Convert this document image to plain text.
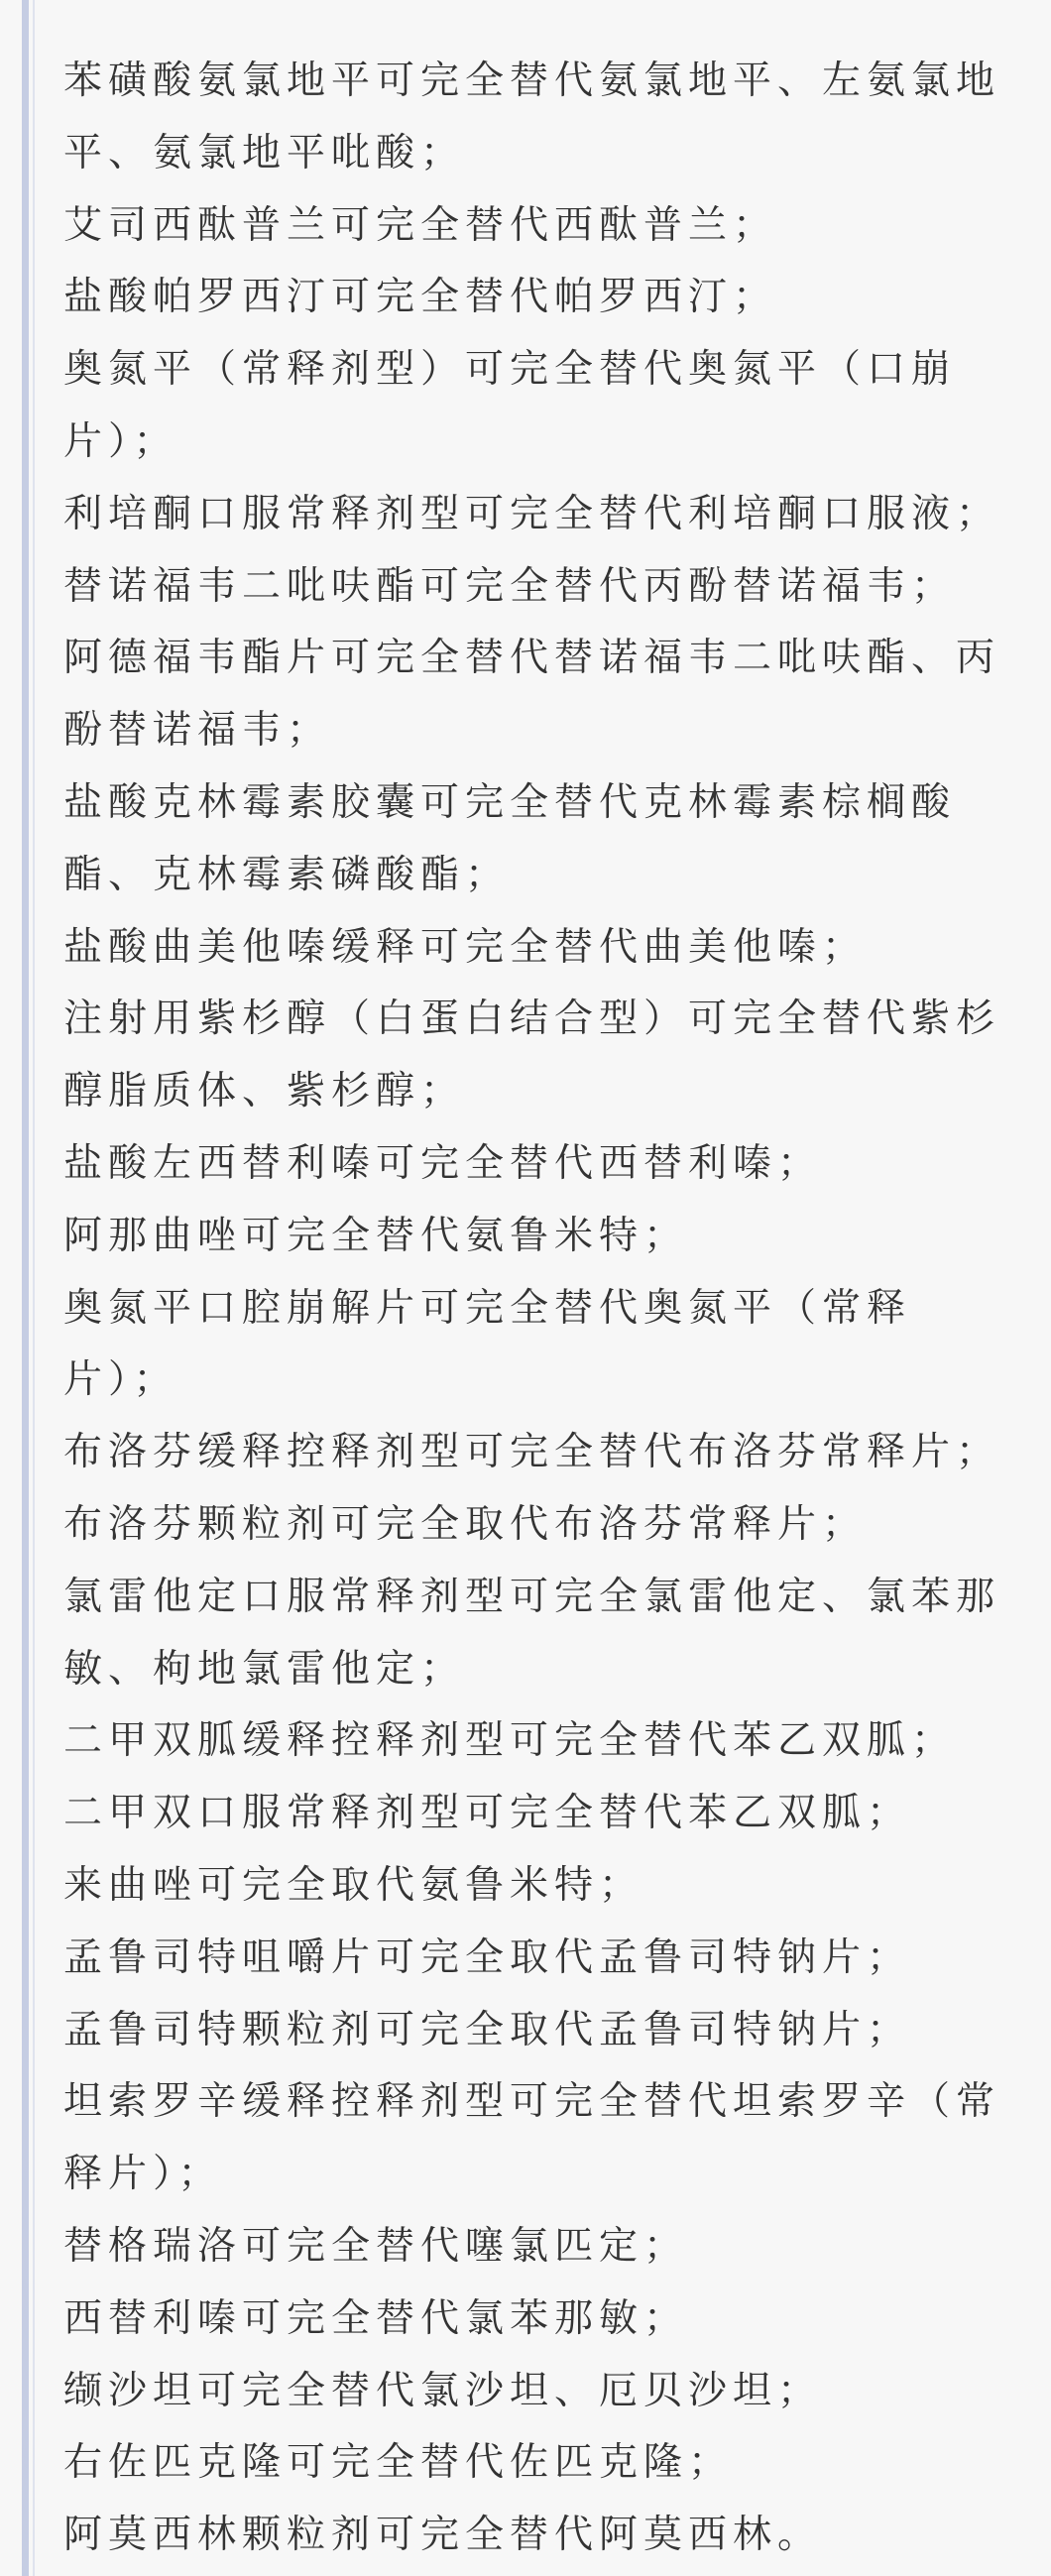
苯磺酸氨氯地平可完全替代氨氯地平、左氨氯地
平、氨氯地平吡酸；
艾司西酞普兰可完全替代西酞普兰；
盐酸帕罗西汀可完全替代帕罗西汀；
奥氮平（常释剂型）可完全替代奥氮平（口崩
片）；
利培酮口服常释剂型可完全替代利培酮口服液；
替诺福韦二吡呋酯可完全替代丙酚替诺福韦；
阿德福韦酯片可完全替代替诺福韦二吡呋酯、丙
酚替诺福韦；
盐酸克林霉素胶囊可完全替代克林霉素棕榈酸
酯、克林霉素磷酸酯；
盐酸曲美他嗪缓释可完全替代曲美他嗪；
注射用紫杉醇（白蛋白结合型）可完全替代紫杉
醇脂质体、紫杉醇；
盐酸左西替利嗪可完全替代西替利嗪；
阿那曲唑可完全替代氨鲁米特；
奥氮平口腔崩解片可完全替代奥氮平（常释
片）；
布洛芬缓释控释剂型可完全替代布洛芬常释片；
布洛芬颗粒剂可完全取代布洛芬常释片；
氯雷他定口服常释剂型可完全氯雷他定、氯苯那
敏、枸地氯雷他定；
二甲双胍缓释控释剂型可完全替代苯乙双胍；
二甲双口服常释剂型可完全替代苯乙双胍；
来曲唑可完全取代氨鲁米特；
孟鲁司特咀嚼片可完全取代孟鲁司特钠片；
孟鲁司特颗粒剂可完全取代孟鲁司特钠片；
坦索罗辛缓释控释剂型可完全替代坦索罗辛（常
释片）；
替格瑞洛可完全替代噻氯匹定；
西替利嗪可完全替代氯苯那敏；
缬沙坦可完全替代氯沙坦、厄贝沙坦；
右佐匹克隆可完全替代佐匹克隆；
阿莫西林颗粒剂可完全替代阿莫西林。
